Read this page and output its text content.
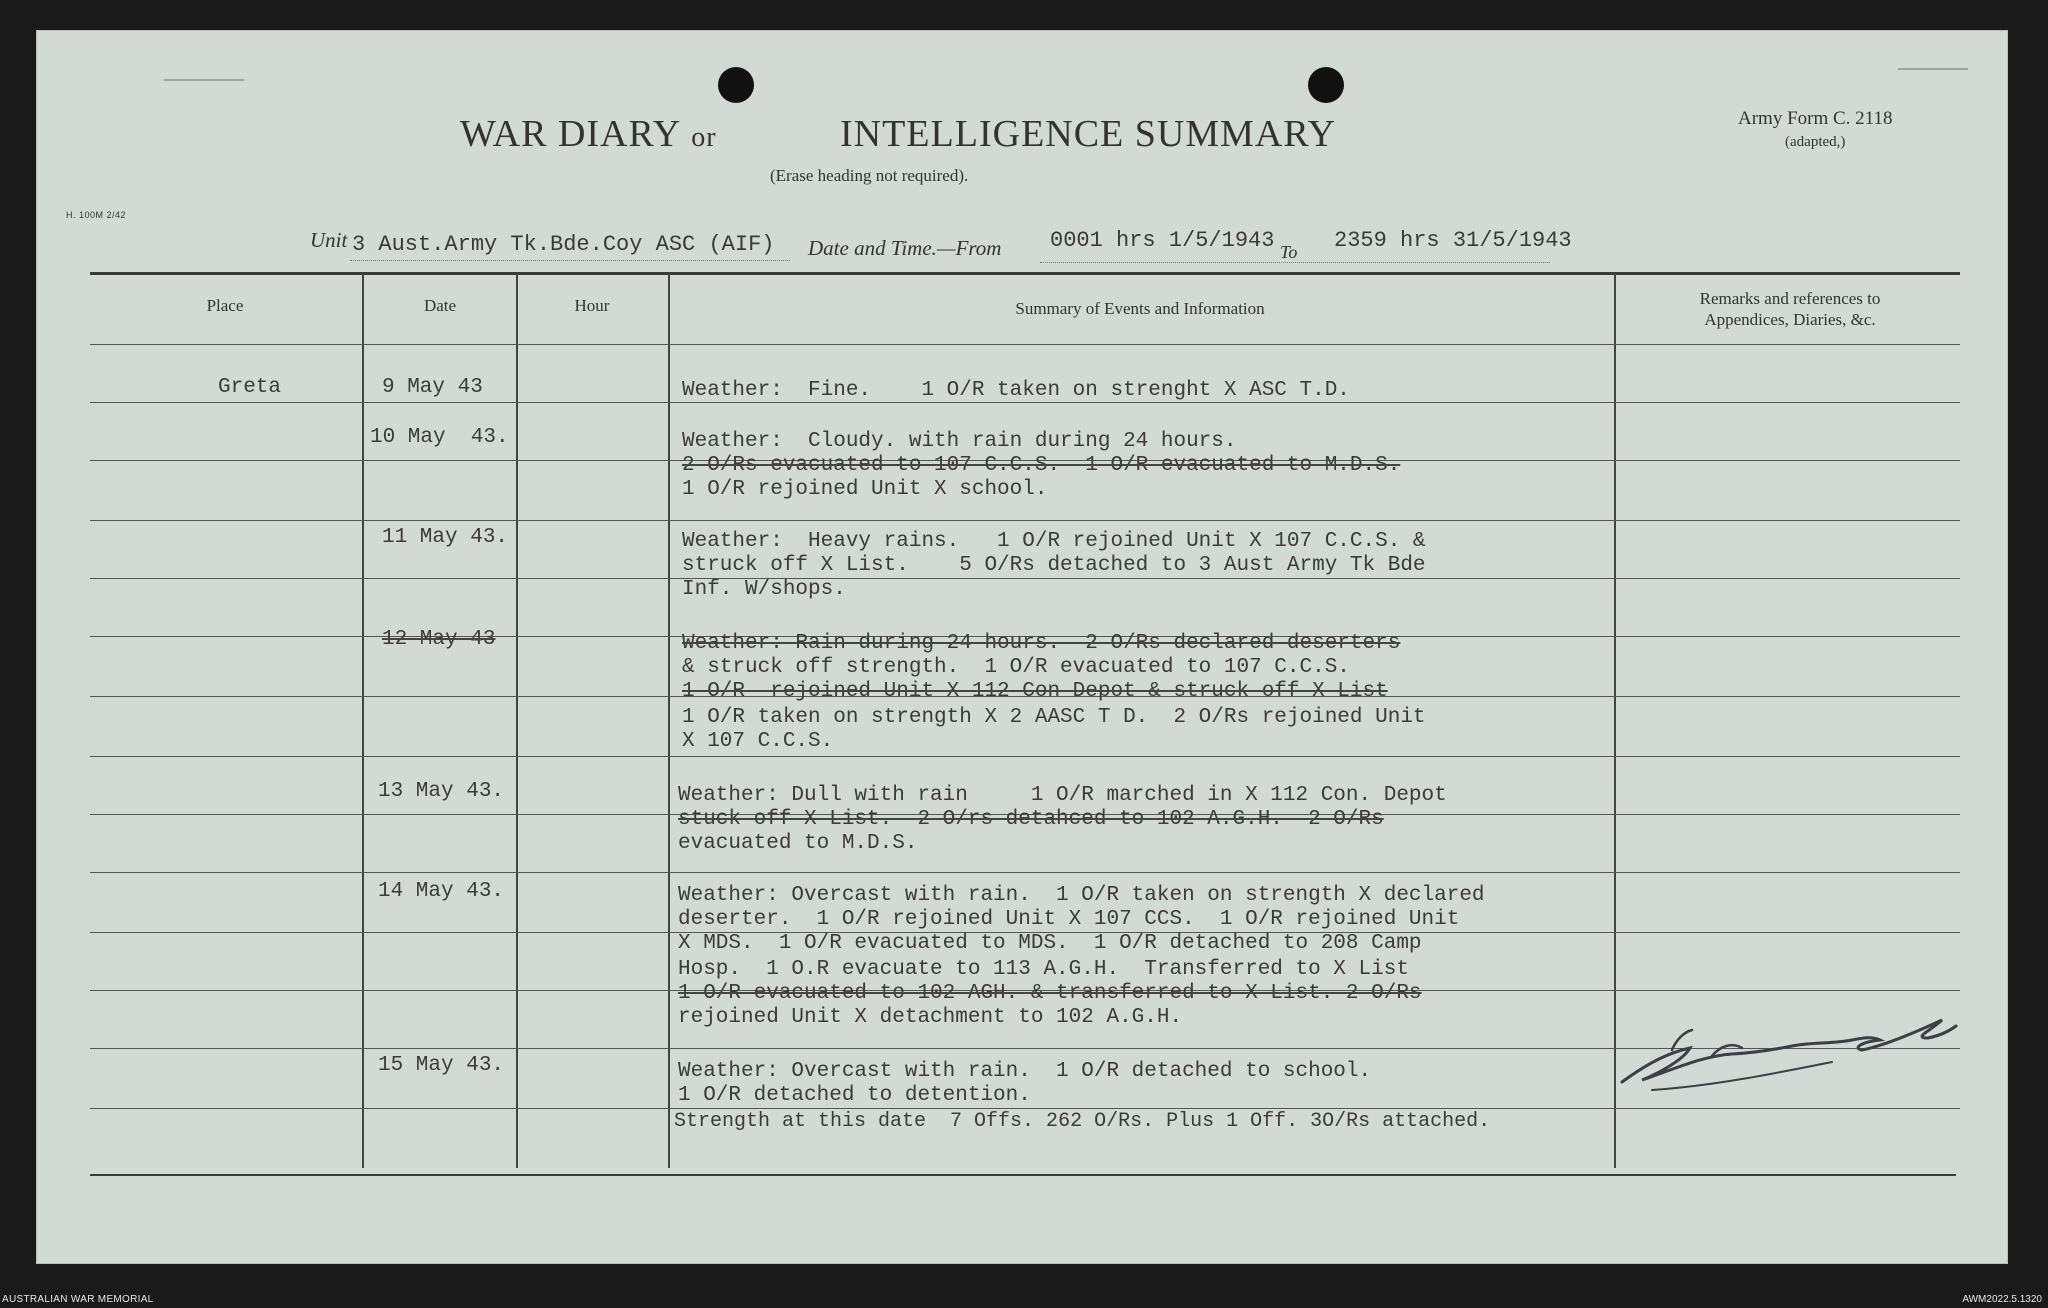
WAR DIARY or	INTELLIGENCE SUMMARY
(Erase heading not required).
Army Form C. 2118
(adapted,)
H. 100M 2/42
Unit 3 Aust.Army Tk.Bde.Coy ASC (AIF) Date and Time.—From 0001 hrs 1/5/1943 To 2359 hrs 31/5/1943
Place	Date	Hour	Summary of Events and Information
Remarks and references to
Appendices, Diaries, &c.
Greta	9 May 43	Weather:  Fine.    1 O/R taken on strenght X ASC T.D.
10 May  43.	Weather:  Cloudy. with rain during 24 hours.
2 O/Rs evacuated to 107 C.C.S.  1 O/R evacuated to M.D.S.
1 O/R rejoined Unit X school.
11 May 43.	Weather:  Heavy rains.   1 O/R rejoined Unit X 107 C.C.S. &
struck off X List.    5 O/Rs detached to 3 Aust Army Tk Bde
Inf. W/shops.
12 May 43	Weather: Rain during 24 hours.  2 O/Rs declared deserters
& struck off strength.  1 O/R evacuated to 107 C.C.S.
1 O/R  rejoined Unit X 112 Con Depot & struck off X List
1 O/R taken on strength X 2 AASC T D.  2 O/Rs rejoined Unit
X 107 C.C.S.
13 May 43.	Weather: Dull with rain     1 O/R marched in X 112 Con. Depot
stuck off X List.  2 O/rs detahced to 102 A.G.H.  2 O/Rs
evacuated to M.D.S.
14 May 43.	Weather: Overcast with rain.  1 O/R taken on strength X declared
deserter.  1 O/R rejoined Unit X 107 CCS.  1 O/R rejoined Unit
X MDS.  1 O/R evacuated to MDS.  1 O/R detached to 208 Camp
Hosp.  1 O.R evacuate to 113 A.G.H.  Transferred to X List
1 O/R evacuated to 102 AGH. & transferred to X List. 2 O/Rs
rejoined Unit X detachment to 102 A.G.H.
15 May 43.	Weather: Overcast with rain.  1 O/R detached to school.
1 O/R detached to detention.
Strength at this date  7 Offs. 262 O/Rs. Plus 1 Off. 3O/Rs attached.
AUSTRALIAN WAR MEMORIAL	AWM2022.5.1320
